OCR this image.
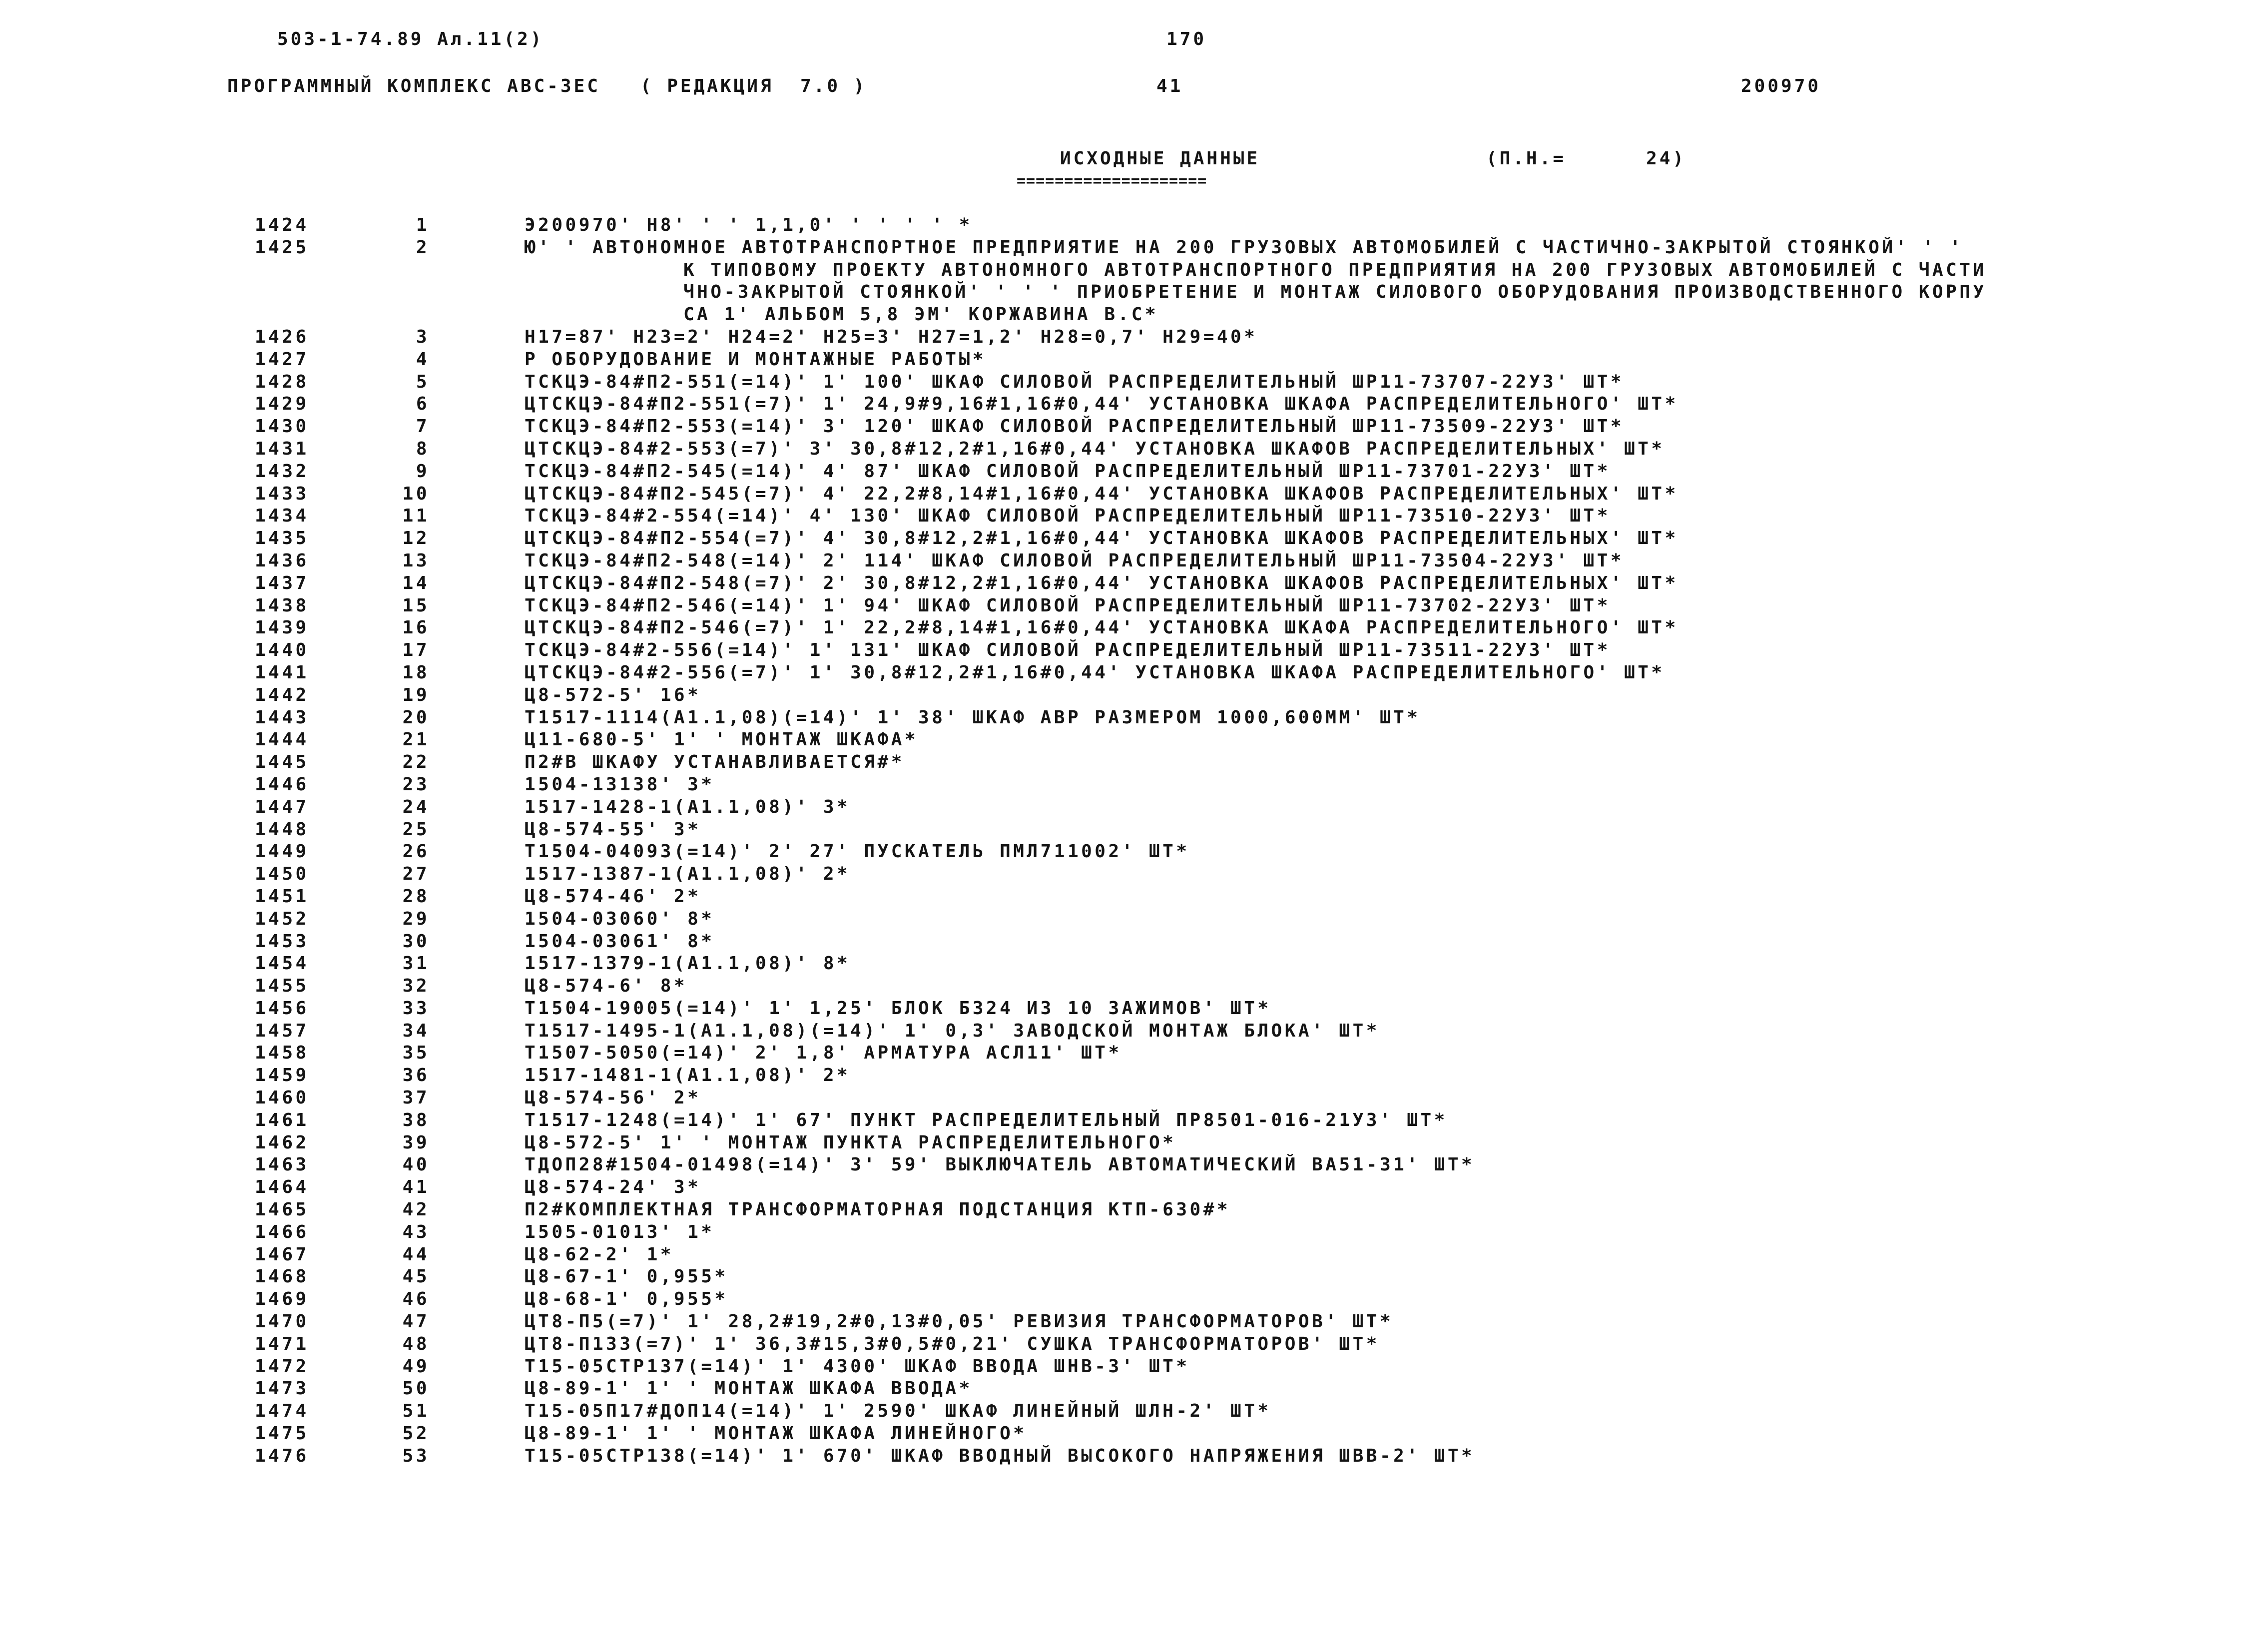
503-1-74.89 Ал.11(2)	170
ПРОГРАММНЫЙ КОМПЛЕКС АВС-ЗЕС   ( РЕДАКЦИЯ  7.0 )	41	200970
ИСХОДНЫЕ ДАННЫЕ
====================
(П.Н.=      24)
1424	1	Э200970' Н8' ' ' 1,1,0' ' ' ' ' *
1425	2	Ю' ' АВТОНОМНОЕ АВТОТРАНСПОРТНОЕ ПРЕДПРИЯТИЕ НА 200 ГРУЗОВЫХ АВТОМОБИЛЕЙ С ЧАСТИЧНО-ЗАКРЫТОЙ СТОЯНКОЙ' ' '
К ТИПОВОМУ ПРОЕКТУ АВТОНОМНОГО АВТОТРАНСПОРТНОГО ПРЕДПРИЯТИЯ НА 200 ГРУЗОВЫХ АВТОМОБИЛЕЙ С ЧАСТИ
ЧНО-ЗАКРЫТОЙ СТОЯНКОЙ' ' ' ' ПРИОБРЕТЕНИЕ И МОНТАЖ СИЛОВОГО ОБОРУДОВАНИЯ ПРОИЗВОДСТВЕННОГО КОРПУ
СА 1' АЛЬБОМ 5,8 ЭМ' КОРЖАВИНА В.С*
1426	3	Н17=87' Н23=2' Н24=2' Н25=3' Н27=1,2' Н28=0,7' Н29=40*
1427	4	Р ОБОРУДОВАНИЕ И МОНТАЖНЫЕ РАБОТЫ*
1428	5	ТСКЦЭ-84#П2-551(=14)' 1' 100' ШКАФ СИЛОВОЙ РАСПРЕДЕЛИТЕЛЬНЫЙ ШР11-73707-22У3' ШТ*
1429	6	ЦТСКЦЭ-84#П2-551(=7)' 1' 24,9#9,16#1,16#0,44' УСТАНОВКА ШКАФА РАСПРЕДЕЛИТЕЛЬНОГО' ШТ*
1430	7	ТСКЦЭ-84#П2-553(=14)' 3' 120' ШКАФ СИЛОВОЙ РАСПРЕДЕЛИТЕЛЬНЫЙ ШР11-73509-22У3' ШТ*
1431	8	ЦТСКЦЭ-84#2-553(=7)' 3' 30,8#12,2#1,16#0,44' УСТАНОВКА ШКАФОВ РАСПРЕДЕЛИТЕЛЬНЫХ' ШТ*
1432	9	ТСКЦЭ-84#П2-545(=14)' 4' 87' ШКАФ СИЛОВОЙ РАСПРЕДЕЛИТЕЛЬНЫЙ ШР11-73701-22У3' ШТ*
1433	10	ЦТСКЦЭ-84#П2-545(=7)' 4' 22,2#8,14#1,16#0,44' УСТАНОВКА ШКАФОВ РАСПРЕДЕЛИТЕЛЬНЫХ' ШТ*
1434	11	ТСКЦЭ-84#2-554(=14)' 4' 130' ШКАФ СИЛОВОЙ РАСПРЕДЕЛИТЕЛЬНЫЙ ШР11-73510-22У3' ШТ*
1435	12	ЦТСКЦЭ-84#П2-554(=7)' 4' 30,8#12,2#1,16#0,44' УСТАНОВКА ШКАФОВ РАСПРЕДЕЛИТЕЛЬНЫХ' ШТ*
1436	13	ТСКЦЭ-84#П2-548(=14)' 2' 114' ШКАФ СИЛОВОЙ РАСПРЕДЕЛИТЕЛЬНЫЙ ШР11-73504-22У3' ШТ*
1437	14	ЦТСКЦЭ-84#П2-548(=7)' 2' 30,8#12,2#1,16#0,44' УСТАНОВКА ШКАФОВ РАСПРЕДЕЛИТЕЛЬНЫХ' ШТ*
1438	15	ТСКЦЭ-84#П2-546(=14)' 1' 94' ШКАФ СИЛОВОЙ РАСПРЕДЕЛИТЕЛЬНЫЙ ШР11-73702-22У3' ШТ*
1439	16	ЦТСКЦЭ-84#П2-546(=7)' 1' 22,2#8,14#1,16#0,44' УСТАНОВКА ШКАФА РАСПРЕДЕЛИТЕЛЬНОГО' ШТ*
1440	17	ТСКЦЭ-84#2-556(=14)' 1' 131' ШКАФ СИЛОВОЙ РАСПРЕДЕЛИТЕЛЬНЫЙ ШР11-73511-22У3' ШТ*
1441	18	ЦТСКЦЭ-84#2-556(=7)' 1' 30,8#12,2#1,16#0,44' УСТАНОВКА ШКАФА РАСПРЕДЕЛИТЕЛЬНОГО' ШТ*
1442	19	Ц8-572-5' 16*
1443	20	Т1517-1114(А1.1,08)(=14)' 1' 38' ШКАФ АВР РАЗМЕРОМ 1000,600ММ' ШТ*
1444	21	Ц11-680-5' 1' ' МОНТАЖ ШКАФА*
1445	22	П2#В ШКАФУ УСТАНАВЛИВАЕТСЯ#*
1446	23	1504-13138' 3*
1447	24	1517-1428-1(А1.1,08)' 3*
1448	25	Ц8-574-55' 3*
1449	26	Т1504-04093(=14)' 2' 27' ПУСКАТЕЛЬ ПМЛ711002' ШТ*
1450	27	1517-1387-1(А1.1,08)' 2*
1451	28	Ц8-574-46' 2*
1452	29	1504-03060' 8*
1453	30	1504-03061' 8*
1454	31	1517-1379-1(А1.1,08)' 8*
1455	32	Ц8-574-6' 8*
1456	33	Т1504-19005(=14)' 1' 1,25' БЛОК Б324 ИЗ 10 ЗАЖИМОВ' ШТ*
1457	34	Т1517-1495-1(А1.1,08)(=14)' 1' 0,3' ЗАВОДСКОЙ МОНТАЖ БЛОКА' ШТ*
1458	35	Т1507-5050(=14)' 2' 1,8' АРМАТУРА АСЛ11' ШТ*
1459	36	1517-1481-1(А1.1,08)' 2*
1460	37	Ц8-574-56' 2*
1461	38	Т1517-1248(=14)' 1' 67' ПУНКТ РАСПРЕДЕЛИТЕЛЬНЫЙ ПР8501-016-21У3' ШТ*
1462	39	Ц8-572-5' 1' ' МОНТАЖ ПУНКТА РАСПРЕДЕЛИТЕЛЬНОГО*
1463	40	ТДОП28#1504-01498(=14)' 3' 59' ВЫКЛЮЧАТЕЛЬ АВТОМАТИЧЕСКИЙ ВА51-31' ШТ*
1464	41	Ц8-574-24' 3*
1465	42	П2#КОМПЛЕКТНАЯ ТРАНСФОРМАТОРНАЯ ПОДСТАНЦИЯ КТП-630#*
1466	43	1505-01013' 1*
1467	44	Ц8-62-2' 1*
1468	45	Ц8-67-1' 0,955*
1469	46	Ц8-68-1' 0,955*
1470	47	ЦТ8-П5(=7)' 1' 28,2#19,2#0,13#0,05' РЕВИЗИЯ ТРАНСФОРМАТОРОВ' ШТ*
1471	48	ЦТ8-П133(=7)' 1' 36,3#15,3#0,5#0,21' СУШКА ТРАНСФОРМАТОРОВ' ШТ*
1472	49	Т15-05СТР137(=14)' 1' 4300' ШКАФ ВВОДА ШНВ-3' ШТ*
1473	50	Ц8-89-1' 1' ' МОНТАЖ ШКАФА ВВОДА*
1474	51	Т15-05П17#ДОП14(=14)' 1' 2590' ШКАФ ЛИНЕЙНЫЙ ШЛН-2' ШТ*
1475	52	Ц8-89-1' 1' ' МОНТАЖ ШКАФА ЛИНЕЙНОГО*
1476	53	Т15-05СТР138(=14)' 1' 670' ШКАФ ВВОДНЫЙ ВЫСОКОГО НАПРЯЖЕНИЯ ШВВ-2' ШТ*
